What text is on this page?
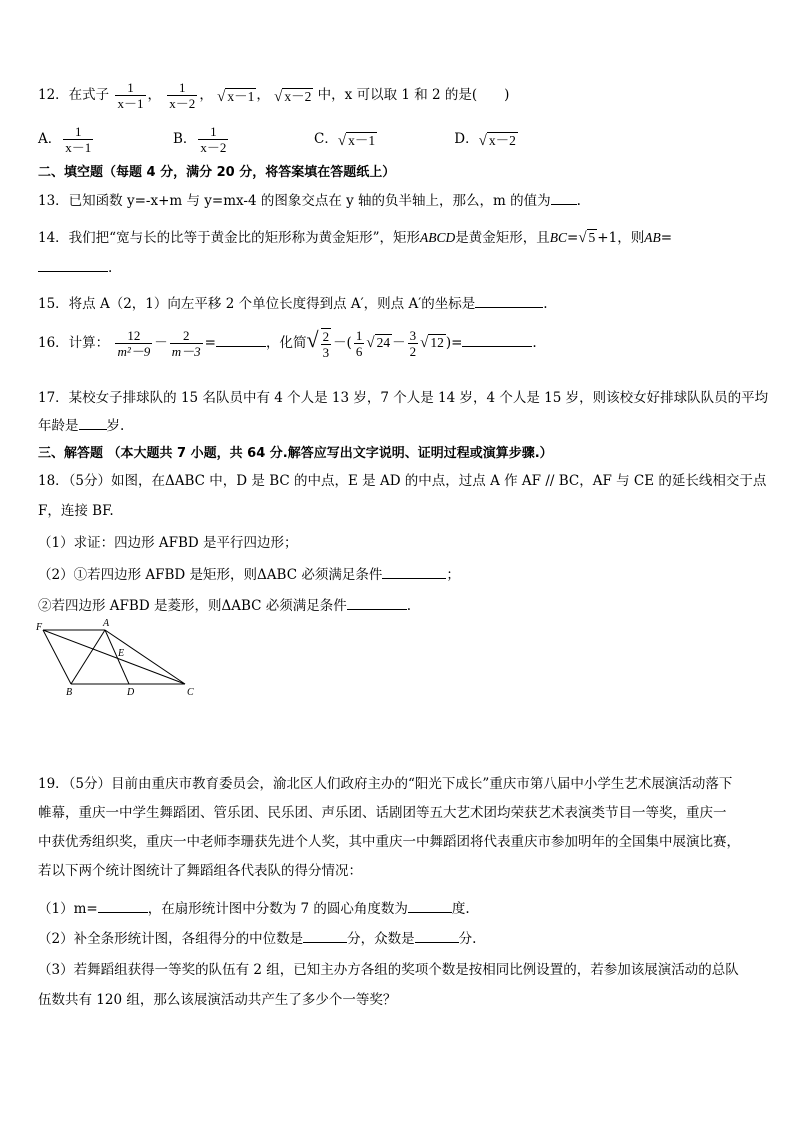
12．在式子 $\frac{1}{x-1}$ ， $\frac{1}{x-2}$ ， √ x－1 ， √ x－2 中，x 可以取 1 和 2 的是(　　)
A． $\frac{1}{x-1}$	B． $\frac{1}{x-2}$	C．√ x－1	D．√ x－2
二、填空题（每题 4 分，满分 20 分，将答案填在答题纸上）
13．已知函数 y=-x+m 与 y=mx-4 的图象交点在 y 轴的负半轴上，那么，m 的值为 .
14．我们把“宽与长的比等于黄金比的矩形称为黄金矩形”，矩形ABCD是黄金矩形，且BC=√ 5 +1，则AB=
.
15．将点 A（2，1）向左平移 2 个单位长度得到点 A′，则点 A′的坐标是	.
16．计算： $\frac{12}{\text{m²－9}} - \frac{2}{m-3}$ =	，化简√ $\frac{2}{3}$ －( $\frac{1}{6}$ √ $24 - \frac{3}{2}$ √ 12 )=	.
17．某校女子排球队的 15 名队员中有 4 个人是 13 岁，7 个人是 14 岁，4 个人是 15 岁，则该校女好排球队队员的平均
年龄是 岁.
三、解答题 （本大题共 7 小题，共 64 分.解答应写出文字说明、证明过程或演算步骤.）
18．（5分）如图，在ΔABC 中，D 是 BC 的中点，E 是 AD 的中点，过点 A 作 AF // BC，AF 与 CE 的延长线相交于点
F，连接 BF.
（1）求证：四边形 AFBD 是平行四边形；
（2）①若四边形 AFBD 是矩形，则ΔABC 必须满足条件	；
②若四边形 AFBD 是菱形，则ΔABC 必须满足条件	.
F	A
E
B	D	C
19．（5分）目前由重庆市教育委员会，渝北区人们政府主办的“阳光下成长”重庆市第八届中小学生艺术展演活动落下
帷幕，重庆一中学生舞蹈团、管乐团、民乐团、声乐团、话剧团等五大艺术团均荣获艺术表演类节目一等奖，重庆一
中获优秀组织奖，重庆一中老师李珊获先进个人奖，其中重庆一中舞蹈团将代表重庆市参加明年的全国集中展演比赛，
若以下两个统计图统计了舞蹈组各代表队的得分情况：
（1）m=	，在扇形统计图中分数为 7 的圆心角度数为	度.
（2）补全条形统计图，各组得分的中位数是	分，众数是	分.
（3）若舞蹈组获得一等奖的队伍有 2 组，已知主办方各组的奖项个数是按相同比例设置的，若参加该展演活动的总队
伍数共有 120 组，那么该展演活动共产生了多少个一等奖？
